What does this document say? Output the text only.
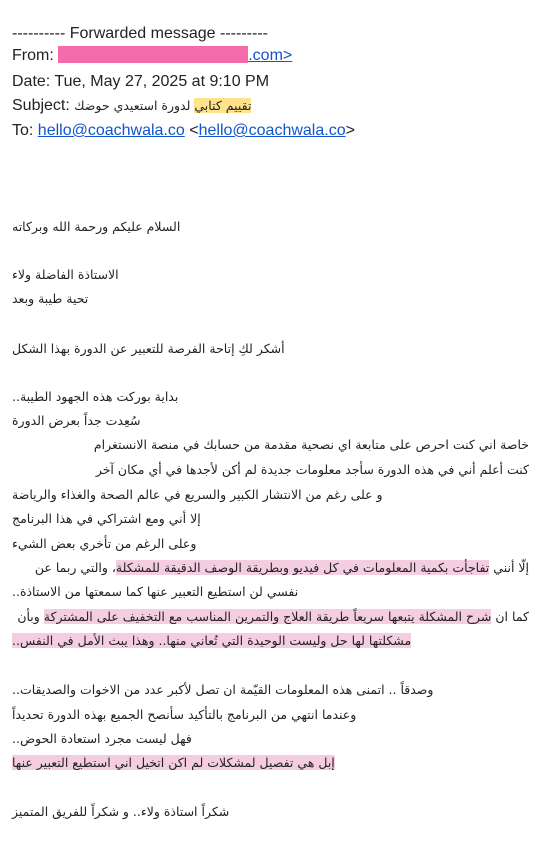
---------- Forwarded message ---------
From:	.com>
Date: Tue, May 27, 2025 at 9:10 PM
Subject:	تقييم كتابي لدورة استعيدي حوضك
To: hello@coachwala.co <hello@coachwala.co>
السلام عليكم ورحمة الله وبركاته
الاستاذة الفاضلة ولاء
تحية طيبة وبعد
أشكر لكِ إتاحة الفرصة للتعبير عن الدورة بهذا الشكل
بداية بوركت هذه الجهود الطيبة..
سُعِدت جداً بعرض الدورة
خاصة اني كنت احرص على متابعة اي نصحية مقدمة من حسابك في منصة الانستغرام
كنت أعلم أني في هذه الدورة سأجد معلومات جديدة لم أكن لأجدها في أي مكان آخر
و على رغم من الانتشار الكبير والسريع في عالم الصحة والغذاء والرياضة
إلا أني ومع اشتراكي في هذا البرنامج
وعلى الرغم من تأخري بعض الشيء
إلّا أنني تفاجأت بكمية المعلومات في كل فيديو وبطريقة الوصف الدقيقة للمشكلة، والتي ربما عن
نفسي لن استطيع التعبير عنها كما سمعتها من الاستاذة..
كما ان شرح المشكلة يتبعها سريعاً طريقة العلاج والتمرين المناسب مع التخفيف على المشتركة وبأن
مشكلتها لها حل وليست الوحيدة التي تُعاني منها.. وهذا يبث الأمل في النفس..
وصدقاً .. اتمنى هذه المعلومات القيّمة ان تصل لأكبر عدد من الاخوات والصديقات..
وعندما انتهي من البرنامج بالتأكيد سأنصح الجميع بهذه الدورة تحديداً
فهل ليست مجرد استعادة الحوض..
إبل هي تفصيل لمشكلات لم اكن اتخيل اني استطيع التعبير عنها
شكراً استاذة ولاء.. و شكراً للفريق المتميز
